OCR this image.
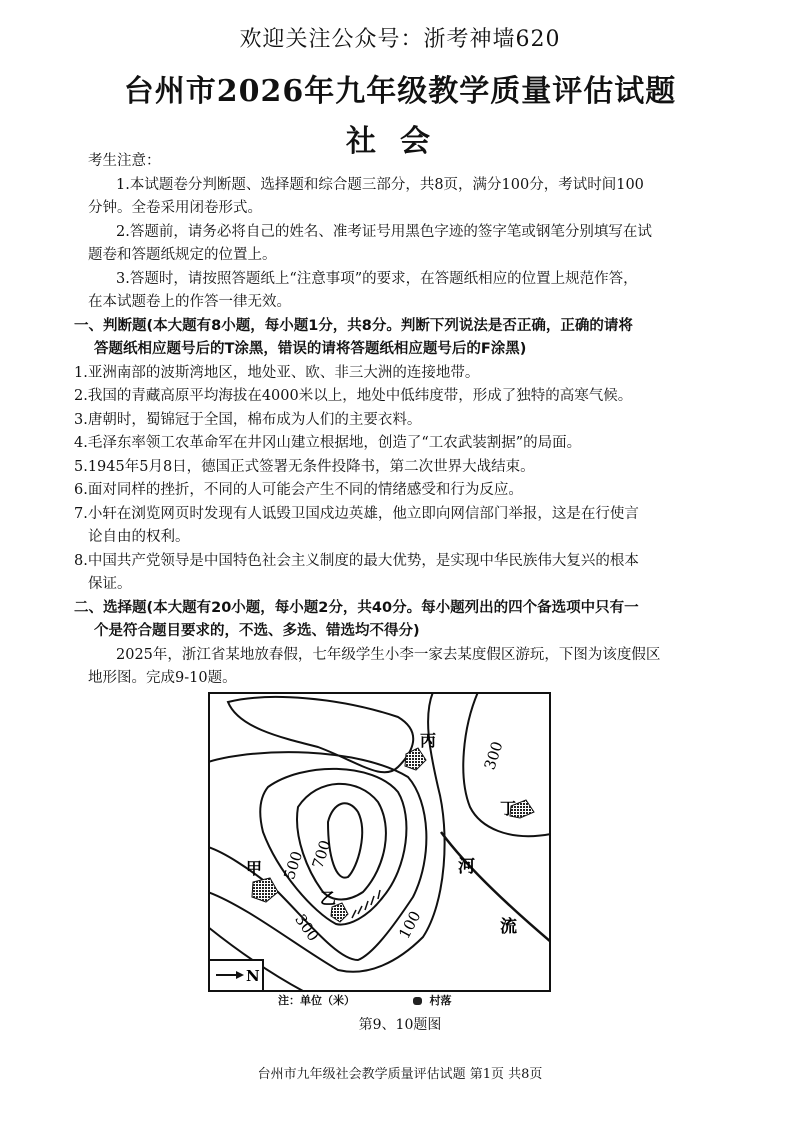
欢迎关注公众号：浙考神墙620
台州市2026年九年级教学质量评估试题
社会
考生注意：
1.本试题卷分判断题、选择题和综合题三部分，共8页，满分100分，考试时间100
分钟。全卷采用闭卷形式。
2.答题前，请务必将自己的姓名、准考证号用黑色字迹的签字笔或钢笔分别填写在试
题卷和答题纸规定的位置上。
3.答题时，请按照答题纸上“注意事项”的要求，在答题纸相应的位置上规范作答，
在本试题卷上的作答一律无效。
一、判断题(本大题有8小题，每小题1分，共8分。判断下列说法是否正确，正确的请将
答题纸相应题号后的T涂黑，错误的请将答题纸相应题号后的F涂黑)
1.亚洲南部的波斯湾地区，地处亚、欧、非三大洲的连接地带。
2.我国的青藏高原平均海拔在4000米以上，地处中低纬度带，形成了独特的高寒气候。
3.唐朝时，蜀锦冠于全国，棉布成为人们的主要衣料。
4.毛泽东率领工农革命军在井冈山建立根据地，创造了“工农武装割据”的局面。
5.1945年5月8日，德国正式签署无条件投降书，第二次世界大战结束。
6.面对同样的挫折，不同的人可能会产生不同的情绪感受和行为反应。
7.小轩在浏览网页时发现有人诋毁卫国戍边英雄，他立即向网信部门举报，这是在行使言
论自由的权利。
8.中国共产党领导是中国特色社会主义制度的最大优势，是实现中华民族伟大复兴的根本
保证。
二、选择题(本大题有20小题，每小题2分，共40分。每小题列出的四个备选项中只有一
个是符合题目要求的，不选、多选、错选均不得分)
2025年，浙江省某地放春假，七年级学生小李一家去某度假区游玩，下图为该度假区
地形图。完成9-10题。
700
500
300	100
300
甲
乙
丙
丁
河
流
N
注：单位（米）	村落
第9、10题图
台州市九年级社会教学质量评估试题 第1页 共8页
